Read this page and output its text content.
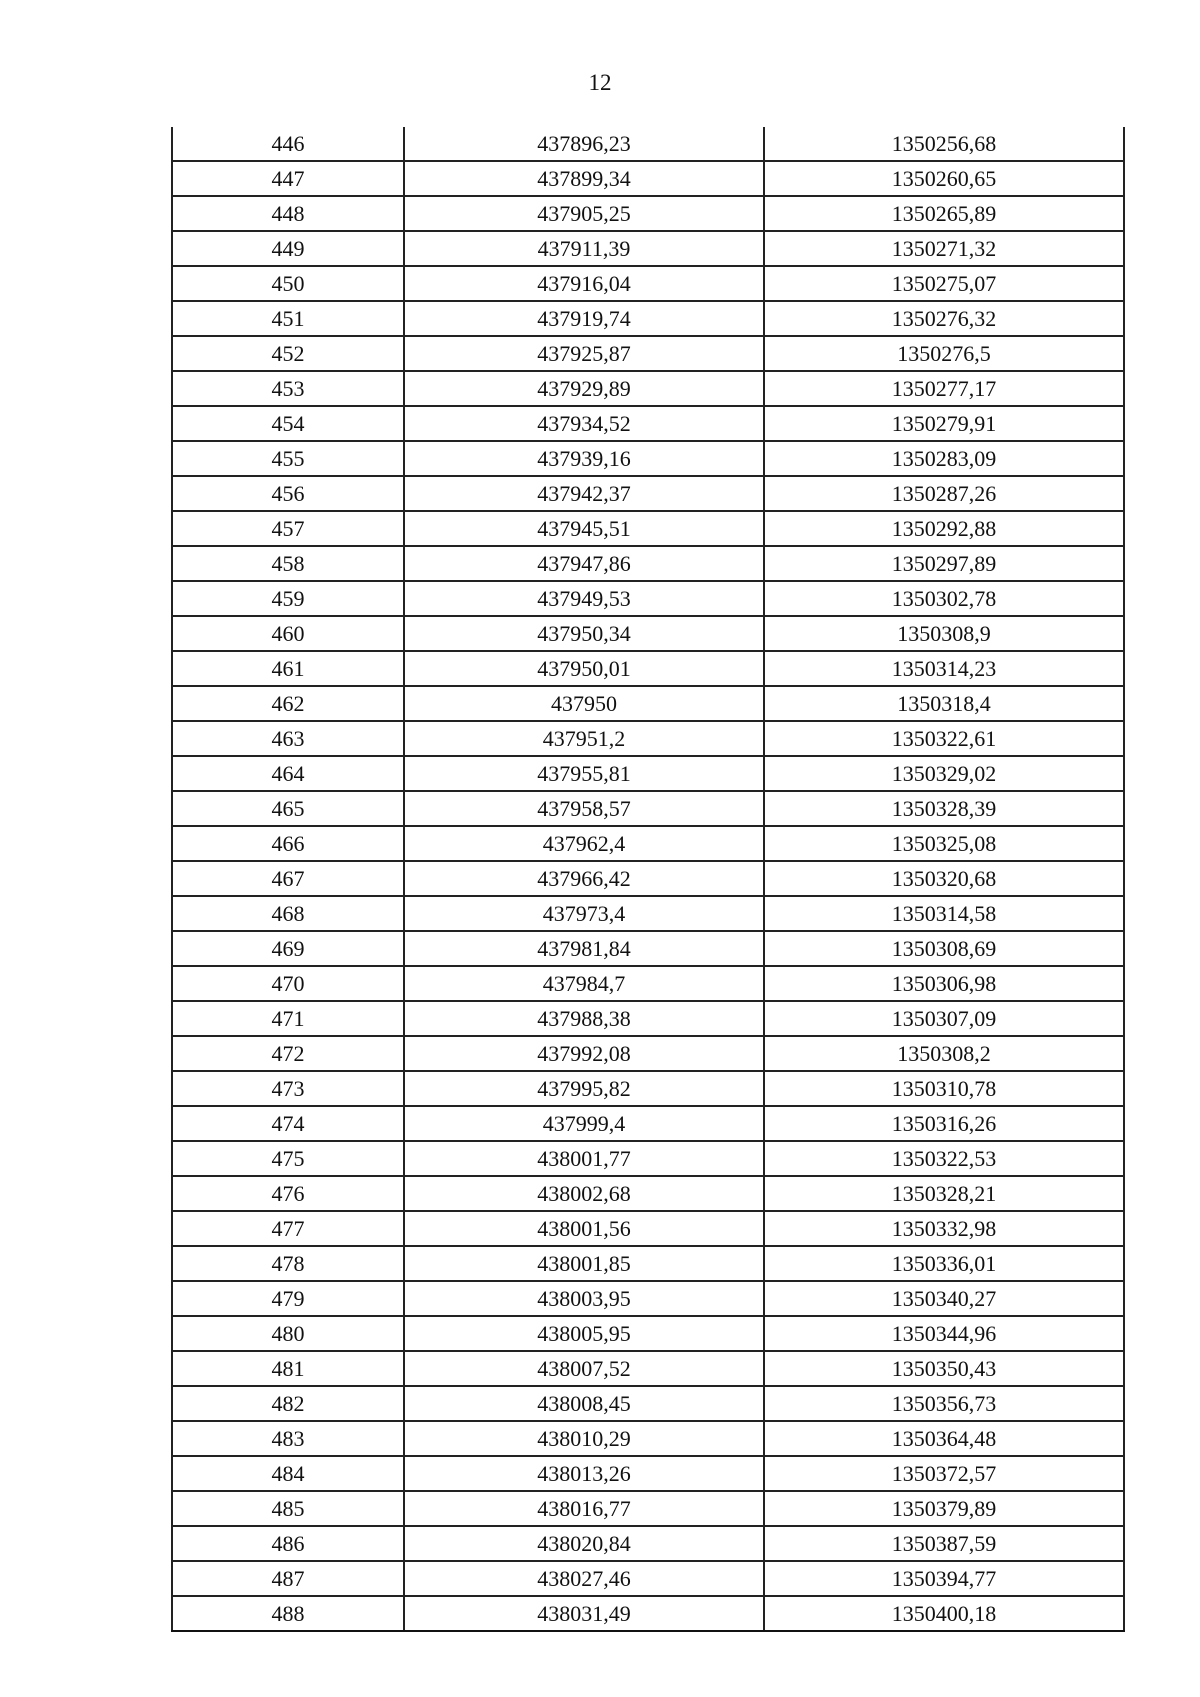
12
446	437896,23	1350256,68
447	437899,34	1350260,65
448	437905,25	1350265,89
449	437911,39	1350271,32
450	437916,04	1350275,07
451	437919,74	1350276,32
452	437925,87	1350276,5
453	437929,89	1350277,17
454	437934,52	1350279,91
455	437939,16	1350283,09
456	437942,37	1350287,26
457	437945,51	1350292,88
458	437947,86	1350297,89
459	437949,53	1350302,78
460	437950,34	1350308,9
461	437950,01	1350314,23
462	437950	1350318,4
463	437951,2	1350322,61
464	437955,81	1350329,02
465	437958,57	1350328,39
466	437962,4	1350325,08
467	437966,42	1350320,68
468	437973,4	1350314,58
469	437981,84	1350308,69
470	437984,7	1350306,98
471	437988,38	1350307,09
472	437992,08	1350308,2
473	437995,82	1350310,78
474	437999,4	1350316,26
475	438001,77	1350322,53
476	438002,68	1350328,21
477	438001,56	1350332,98
478	438001,85	1350336,01
479	438003,95	1350340,27
480	438005,95	1350344,96
481	438007,52	1350350,43
482	438008,45	1350356,73
483	438010,29	1350364,48
484	438013,26	1350372,57
485	438016,77	1350379,89
486	438020,84	1350387,59
487	438027,46	1350394,77
488	438031,49	1350400,18
